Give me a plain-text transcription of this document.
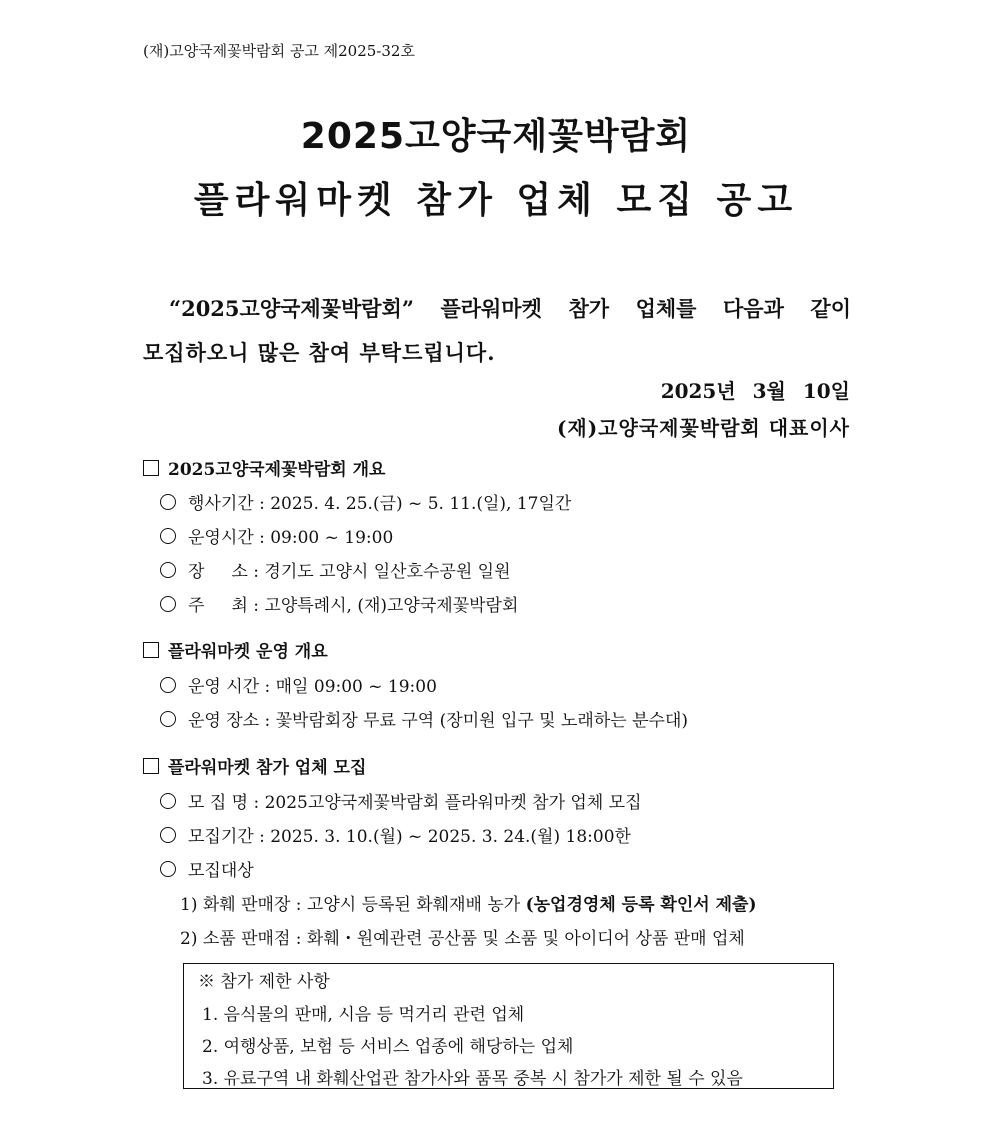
(재)고양국제꽃박람회 공고 제2025-32호
2025고양국제꽃박람회
플라워마켓 참가 업체 모집 공고
“2025고양국제꽃박람회” 플라워마켓 참가 업체를 다음과 같이
모집하오니 많은 참여 부탁드립니다.
2025년 3월 10일
(재)고양국제꽃박람회 대표이사
2025고양국제꽃박람회 개요
행사기간 : 2025. 4. 25.(금) ~ 5. 11.(일), 17일간
운영시간 : 09:00 ~ 19:00
장     소 : 경기도 고양시 일산호수공원 일원
주     최 : 고양특례시, (재)고양국제꽃박람회
플라워마켓 운영 개요
운영 시간 : 매일 09:00 ~ 19:00
운영 장소 : 꽃박람회장 무료 구역 (장미원 입구 및 노래하는 분수대)
플라워마켓 참가 업체 모집
모 집 명 : 2025고양국제꽃박람회 플라워마켓 참가 업체 모집
모집기간 : 2025. 3. 10.(월) ~ 2025. 3. 24.(월) 18:00한
모집대상
1) 화훼 판매장 : 고양시 등록된 화훼재배 농가 (농업경영체 등록 확인서 제출)
2) 소품 판매점 : 화훼・원예관련 공산품 및 소품 및 아이디어 상품 판매 업체
※ 참가 제한 사항
1. 음식물의 판매, 시음 등 먹거리 관련 업체
2. 여행상품, 보험 등 서비스 업종에 해당하는 업체
3. 유료구역 내 화훼산업관 참가사와 품목 중복 시 참가가 제한 될 수 있음
